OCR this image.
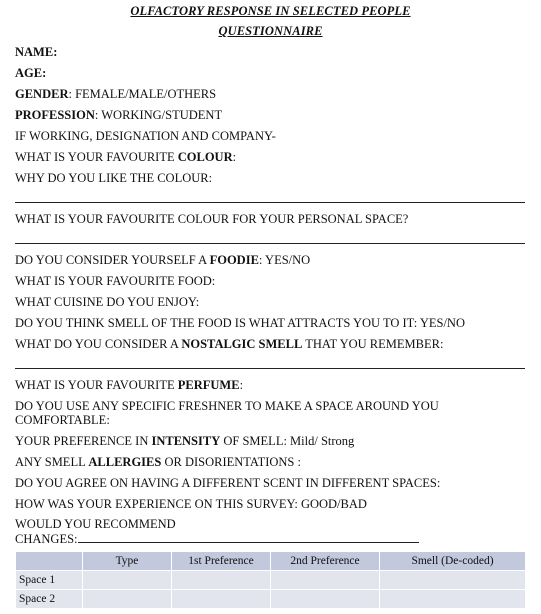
OLFACTORY RESPONSE IN SELECTED PEOPLE
QUESTIONNAIRE
NAME:
AGE:
GENDER: FEMALE/MALE/OTHERS
PROFESSION: WORKING/STUDENT
IF WORKING, DESIGNATION AND COMPANY-
WHAT IS YOUR FAVOURITE COLOUR:
WHY DO YOU LIKE THE COLOUR:
WHAT IS YOUR FAVOURITE COLOUR FOR YOUR PERSONAL SPACE?
DO YOU CONSIDER YOURSELF A FOODIE: YES/NO
WHAT IS YOUR FAVOURITE FOOD:
WHAT CUISINE DO YOU ENJOY:
DO YOU THINK SMELL OF THE FOOD IS WHAT ATTRACTS YOU TO IT: YES/NO
WHAT DO YOU CONSIDER A NOSTALGIC SMELL THAT YOU REMEMBER:
WHAT IS YOUR FAVOURITE PERFUME:
DO YOU USE ANY SPECIFIC FRESHNER TO MAKE A SPACE AROUND YOU
COMFORTABLE:
YOUR PREFERENCE IN INTENSITY OF SMELL: Mild/ Strong
ANY SMELL ALLERGIES OR DISORIENTATIONS :
DO YOU AGREE ON HAVING A DIFFERENT SCENT IN DIFFERENT SPACES:
HOW WAS YOUR EXPERIENCE ON THIS SURVEY: GOOD/BAD
WOULD YOU RECOMMEND
CHANGES:
	Type	1st Preference	2nd Preference	Smell (De-coded)
Space 1				
Space 2				
